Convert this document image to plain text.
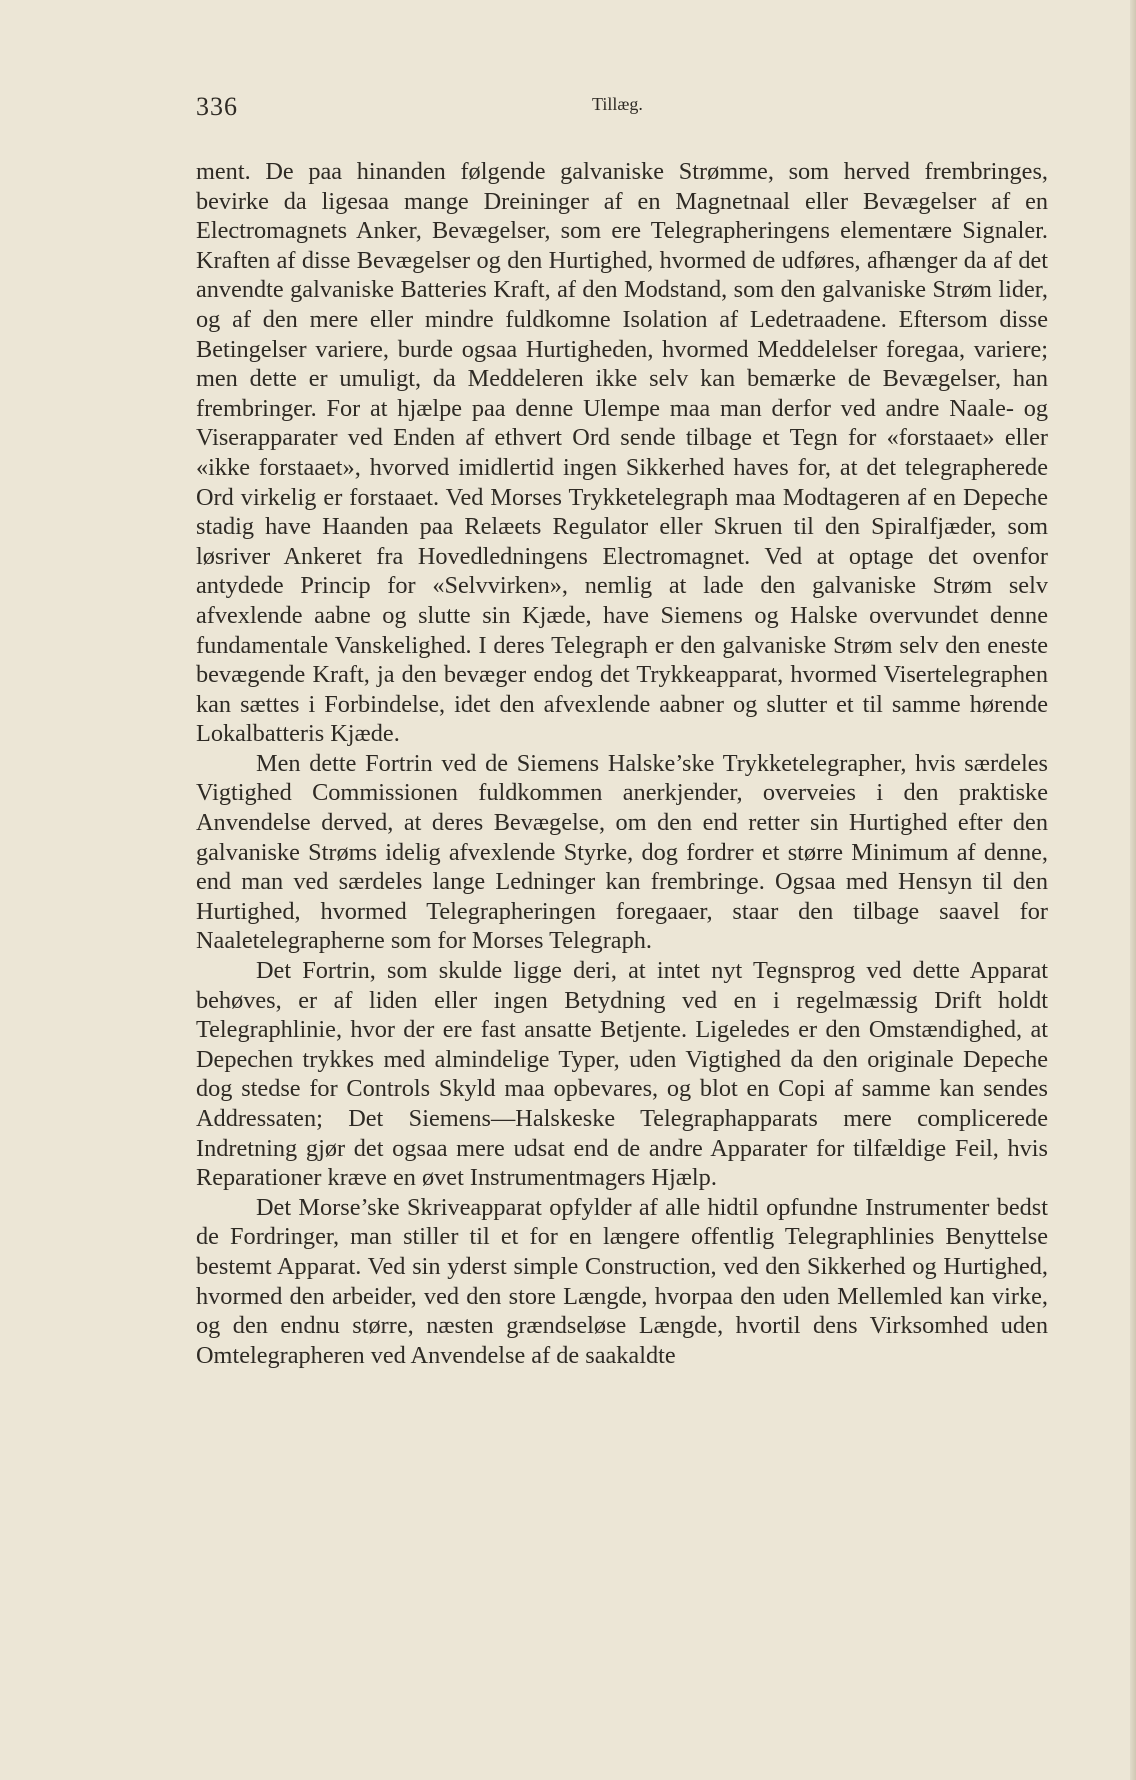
336	Tillæg.

ment. De paa hinanden følgende galvaniske Strømme, som herved frembringes, bevirke da ligesaa mange Dreininger af en Magnetnaal eller Bevægelser af en Electromagnets Anker, Bevægelser, som ere Telegrapheringens elementære Signaler. Kraften af disse Bevægelser og den Hurtighed, hvormed de udføres, afhænger da af det anvendte galvaniske Batteries Kraft, af den Modstand, som den galvaniske Strøm lider, og af den mere eller mindre fuldkomne Isolation af Ledetraadene. Eftersom disse Betingelser variere, burde ogsaa Hurtigheden, hvormed Meddelelser foregaa, variere; men dette er umuligt, da Meddeleren ikke selv kan bemærke de Bevægelser, han frembringer. For at hjælpe paa denne Ulempe maa man derfor ved andre Naale- og Viserapparater ved Enden af ethvert Ord sende tilbage et Tegn for «forstaaet» eller «ikke forstaaet», hvorved imidlertid ingen Sikkerhed haves for, at det telegrapherede Ord virkelig er forstaaet. Ved Morses Trykketelegraph maa Modtageren af en Depeche stadig have Haanden paa Relæets Regulator eller Skruen til den Spiralfjæder, som løsriver Ankeret fra Hovedledningens Electromagnet. Ved at optage det ovenfor antydede Princip for «Selvvirken», nemlig at lade den galvaniske Strøm selv afvexlende aabne og slutte sin Kjæde, have Siemens og Halske overvundet denne fundamentale Vanskelighed. I deres Telegraph er den galvaniske Strøm selv den eneste bevægende Kraft, ja den bevæger endog det Trykkeapparat, hvormed Visertelegraphen kan sættes i Forbindelse, idet den afvexlende aabner og slutter et til samme hørende Lokalbatteris Kjæde.

Men dette Fortrin ved de Siemens Halske’ske Trykketelegrapher, hvis særdeles Vigtighed Commissionen fuldkommen anerkjender, overveies i den praktiske Anvendelse derved, at deres Bevægelse, om den end retter sin Hurtighed efter den galvaniske Strøms idelig afvexlende Styrke, dog fordrer et større Minimum af denne, end man ved særdeles lange Ledninger kan frembringe. Ogsaa med Hensyn til den Hurtighed, hvormed Telegrapheringen foregaaer, staar den tilbage saavel for Naaletelegrapherne som for Morses Telegraph.

Det Fortrin, som skulde ligge deri, at intet nyt Tegnsprog ved dette Apparat behøves, er af liden eller ingen Betydning ved en i regelmæssig Drift holdt Telegraphlinie, hvor der ere fast ansatte Betjente. Ligeledes er den Omstændighed, at Depechen trykkes med almindelige Typer, uden Vigtighed da den originale Depeche dog stedse for Controls Skyld maa opbevares, og blot en Copi af samme kan sendes Addressaten; Det Siemens—Halskeske Telegraphapparats mere complicerede Indretning gjør det ogsaa mere udsat end de andre Apparater for tilfældige Feil, hvis Reparationer kræve en øvet Instrumentmagers Hjælp.

Det Morse’ske Skriveapparat opfylder af alle hidtil opfundne Instrumenter bedst de Fordringer, man stiller til et for en længere offentlig Telegraphlinies Benyttelse bestemt Apparat. Ved sin yderst simple Construction, ved den Sikkerhed og Hurtighed, hvormed den arbeider, ved den store Længde, hvorpaa den uden Mellemled kan virke, og den endnu større, næsten grændseløse Længde, hvortil dens Virksomhed uden Omtelegrapheren ved Anvendelse af de saakaldte
